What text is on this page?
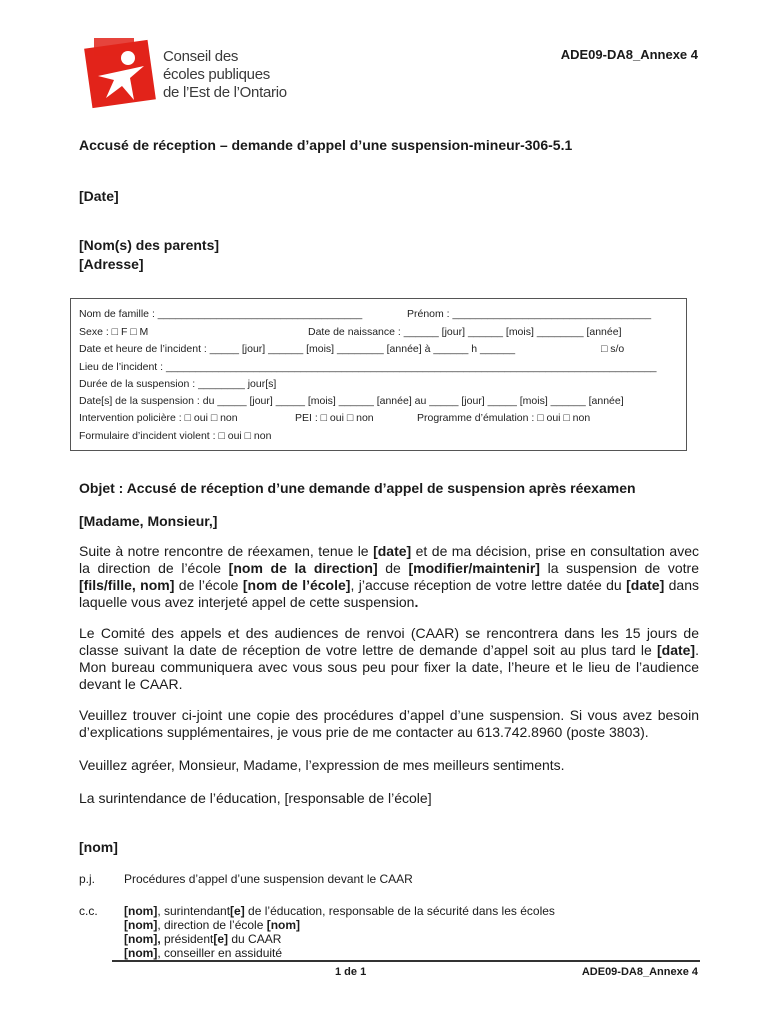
Conseil des
écoles publiques
de l’Est de l’Ontario
ADE09-DA8_Annexe 4
Accusé de réception – demande d’appel d’une suspension-mineur-306-5.1
[Date]
[Nom(s) des parents]
[Adresse]
Nom de famille : ___________________________________	Prénom : __________________________________
Sexe : □ F □ M	Date de naissance : ______ [jour] ______ [mois] ________ [année]
Date et heure de l’incident : _____ [jour] ______ [mois] ________ [année] à ______ h ______	□ s/o
Lieu de l’incident : ____________________________________________________________________________________
Durée de la suspension : ________ jour[s]
Date[s] de la suspension : du _____ [jour] _____ [mois] ______ [année] au _____ [jour] _____ [mois] ______ [année]
Intervention policière : □ oui □ non	PEI : □ oui □ non	Programme d’émulation : □ oui □ non
Formulaire d’incident violent : □ oui □ non
Objet : Accusé de réception d’une demande d’appel de suspension après réexamen
[Madame, Monsieur,]
Suite à notre rencontre de réexamen, tenue le [date] et de ma décision, prise en consultation avec la direction de l’école [nom de la direction] de [modifier/maintenir] la suspension de votre [fils/fille, nom] de l’école [nom de l’école], j’accuse réception de votre lettre datée du [date] dans laquelle vous avez interjeté appel de cette suspension.
Le Comité des appels et des audiences de renvoi (CAAR) se rencontrera dans les 15 jours de classe suivant la date de réception de votre lettre de demande d’appel soit au plus tard le [date]. Mon bureau communiquera avec vous sous peu pour fixer la date, l’heure et le lieu de l’audience devant le CAAR.
Veuillez trouver ci-joint une copie des procédures d’appel d’une suspension. Si vous avez besoin d’explications supplémentaires, je vous prie de me contacter au 613.742.8960 (poste 3803).
Veuillez agréer, Monsieur, Madame, l’expression de mes meilleurs sentiments.
La surintendance de l’éducation, [responsable de l’école]
[nom]
p.j. Procédures d’appel d’une suspension devant le CAAR
c.c. [nom], surintendant[e] de l’éducation, responsable de la sécurité dans les écoles
[nom], direction de l’école [nom]
[nom], président[e] du CAAR
[nom], conseiller en assiduité
1 de 1	ADE09-DA8_Annexe 4
